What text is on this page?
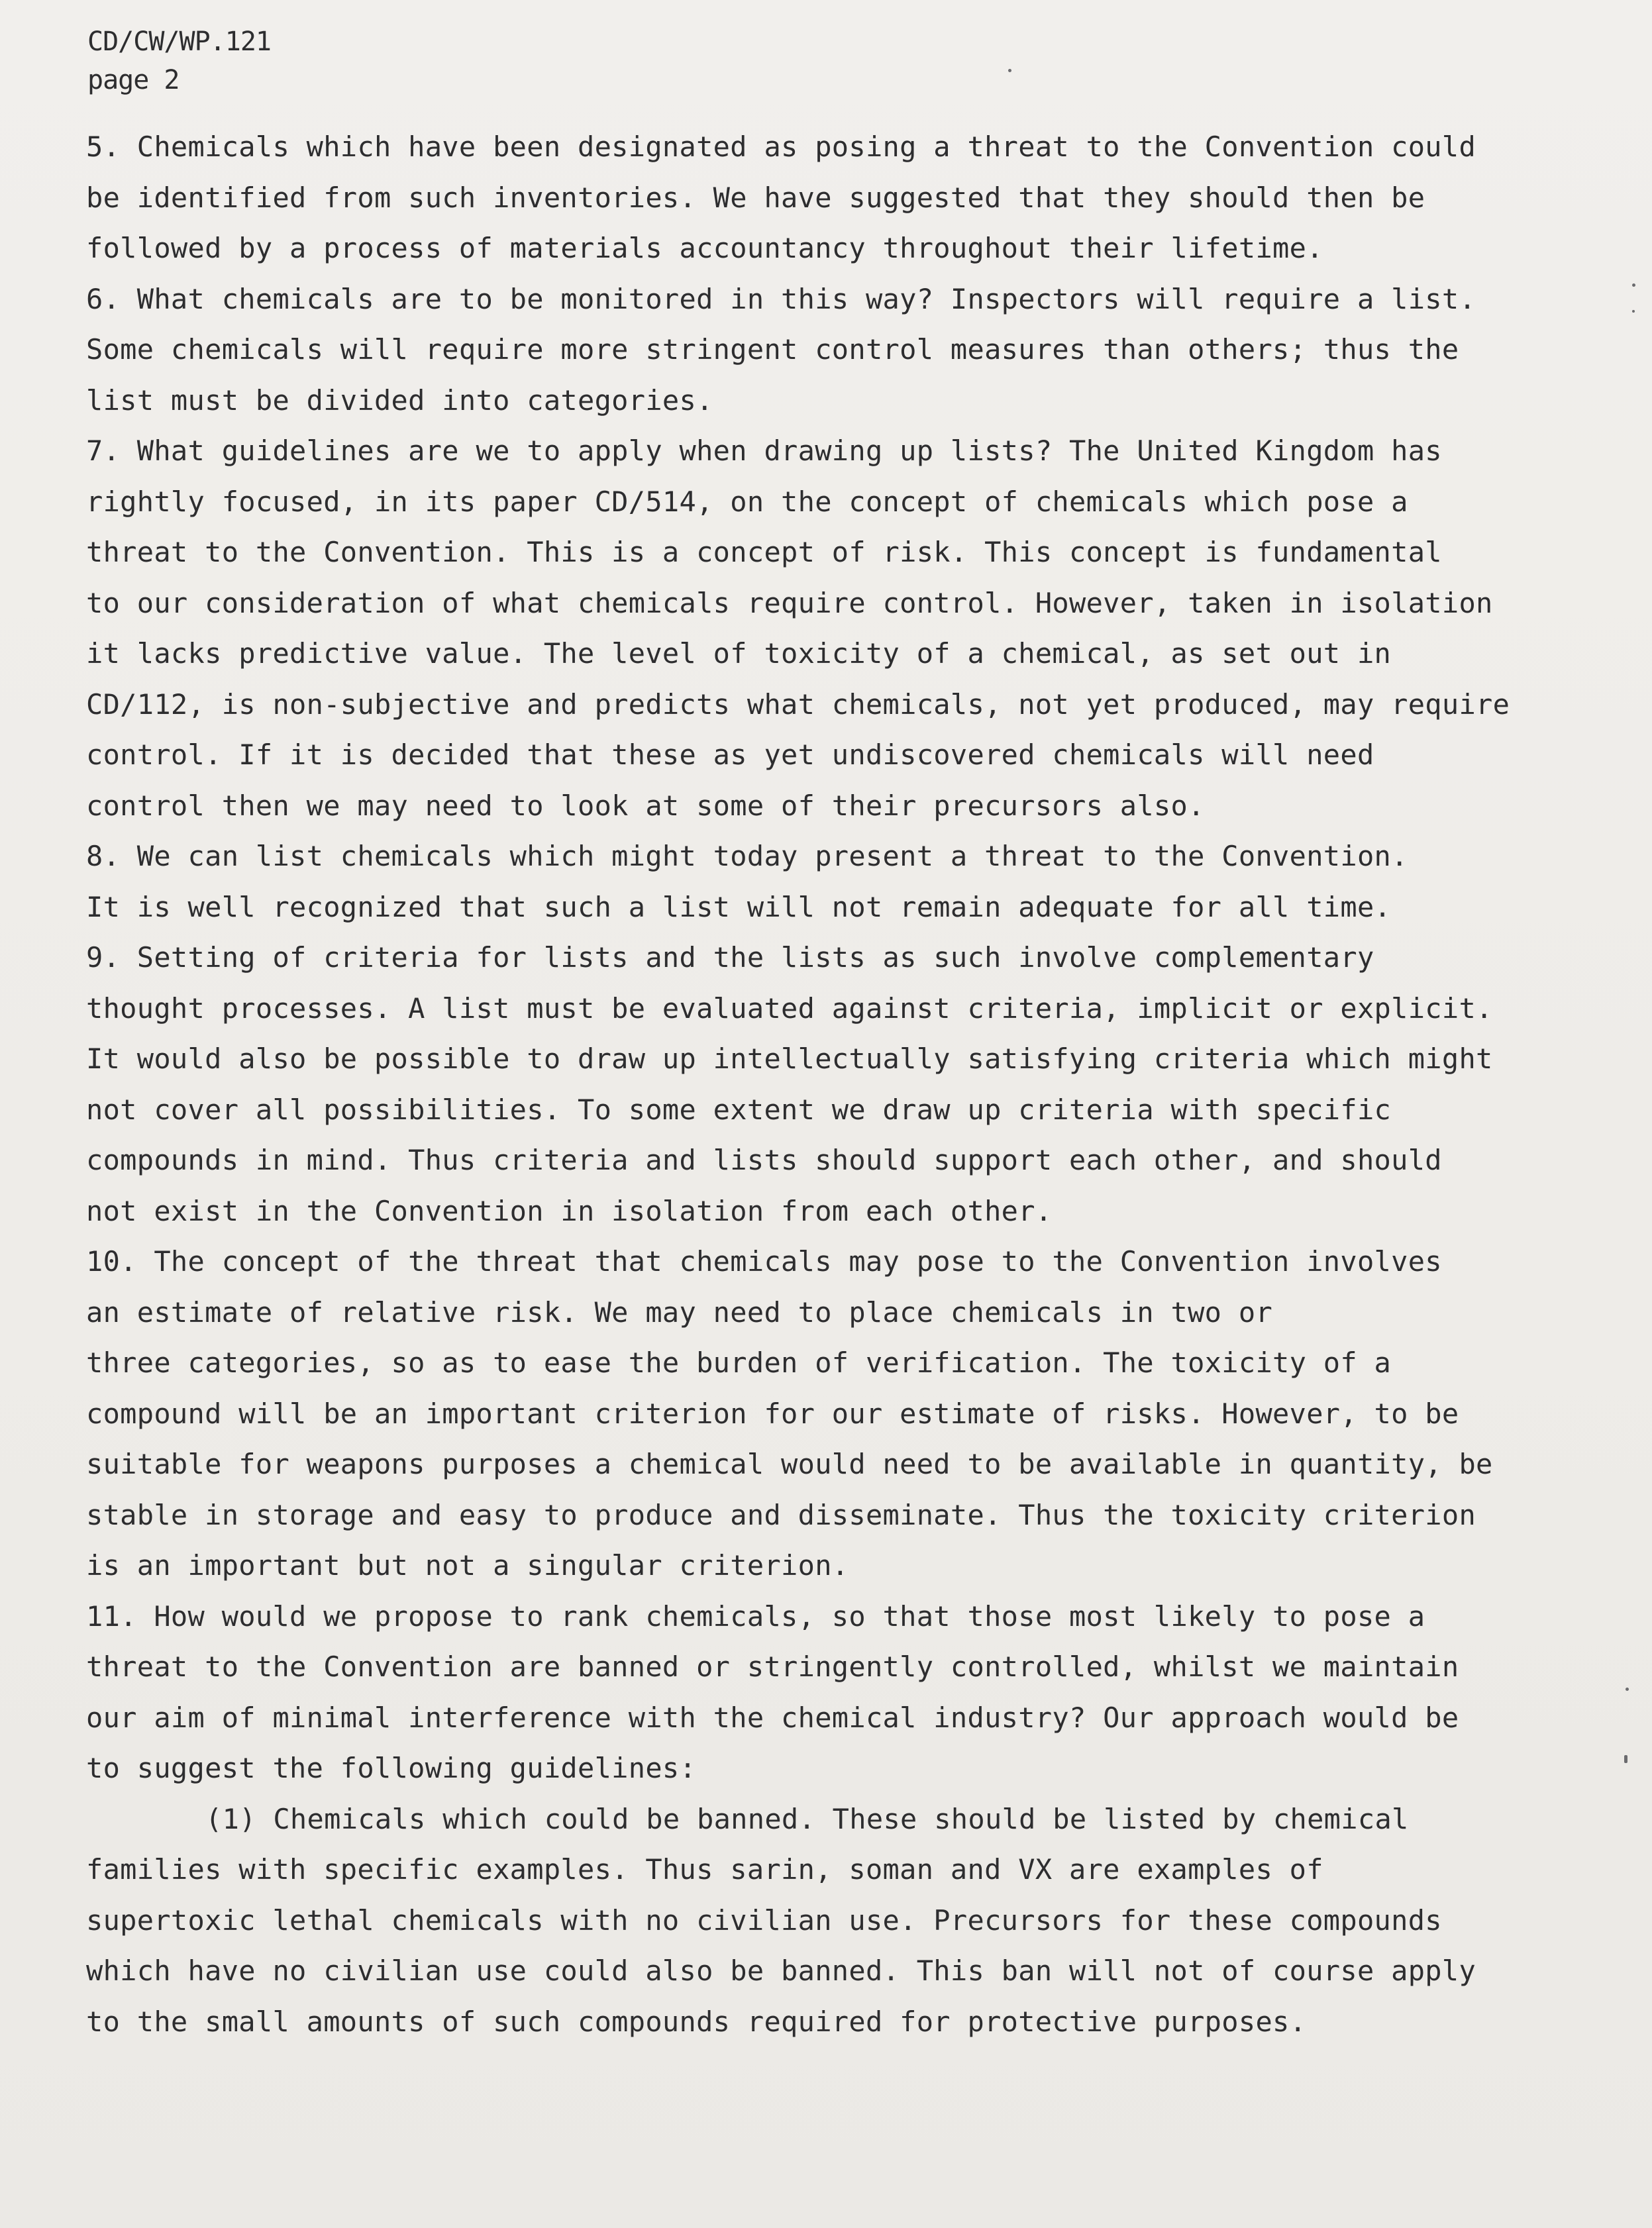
CD/CW/WP.121
page 2
5. Chemicals which have been designated as posing a threat to the Convention could
be identified from such inventories. We have suggested that they should then be
followed by a process of materials accountancy throughout their lifetime.
6. What chemicals are to be monitored in this way? Inspectors will require a list.
Some chemicals will require more stringent control measures than others; thus the
list must be divided into categories.
7. What guidelines are we to apply when drawing up lists? The United Kingdom has
rightly focused, in its paper CD/514, on the concept of chemicals which pose a
threat to the Convention. This is a concept of risk. This concept is fundamental
to our consideration of what chemicals require control. However, taken in isolation
it lacks predictive value. The level of toxicity of a chemical, as set out in
CD/112, is non-subjective and predicts what chemicals, not yet produced, may require
control. If it is decided that these as yet undiscovered chemicals will need
control then we may need to look at some of their precursors also.
8. We can list chemicals which might today present a threat to the Convention.
It is well recognized that such a list will not remain adequate for all time.
9. Setting of criteria for lists and the lists as such involve complementary
thought processes. A list must be evaluated against criteria, implicit or explicit.
It would also be possible to draw up intellectually satisfying criteria which might
not cover all possibilities. To some extent we draw up criteria with specific
compounds in mind. Thus criteria and lists should support each other, and should
not exist in the Convention in isolation from each other.
10. The concept of the threat that chemicals may pose to the Convention involves
an estimate of relative risk. We may need to place chemicals in two or
three categories, so as to ease the burden of verification. The toxicity of a
compound will be an important criterion for our estimate of risks. However, to be
suitable for weapons purposes a chemical would need to be available in quantity, be
stable in storage and easy to produce and disseminate. Thus the toxicity criterion
is an important but not a singular criterion.
11. How would we propose to rank chemicals, so that those most likely to pose a
threat to the Convention are banned or stringently controlled, whilst we maintain
our aim of minimal interference with the chemical industry? Our approach would be
to suggest the following guidelines:
(1) Chemicals which could be banned. These should be listed by chemical
families with specific examples. Thus sarin, soman and VX are examples of
supertoxic lethal chemicals with no civilian use. Precursors for these compounds
which have no civilian use could also be banned. This ban will not of course apply
to the small amounts of such compounds required for protective purposes.
